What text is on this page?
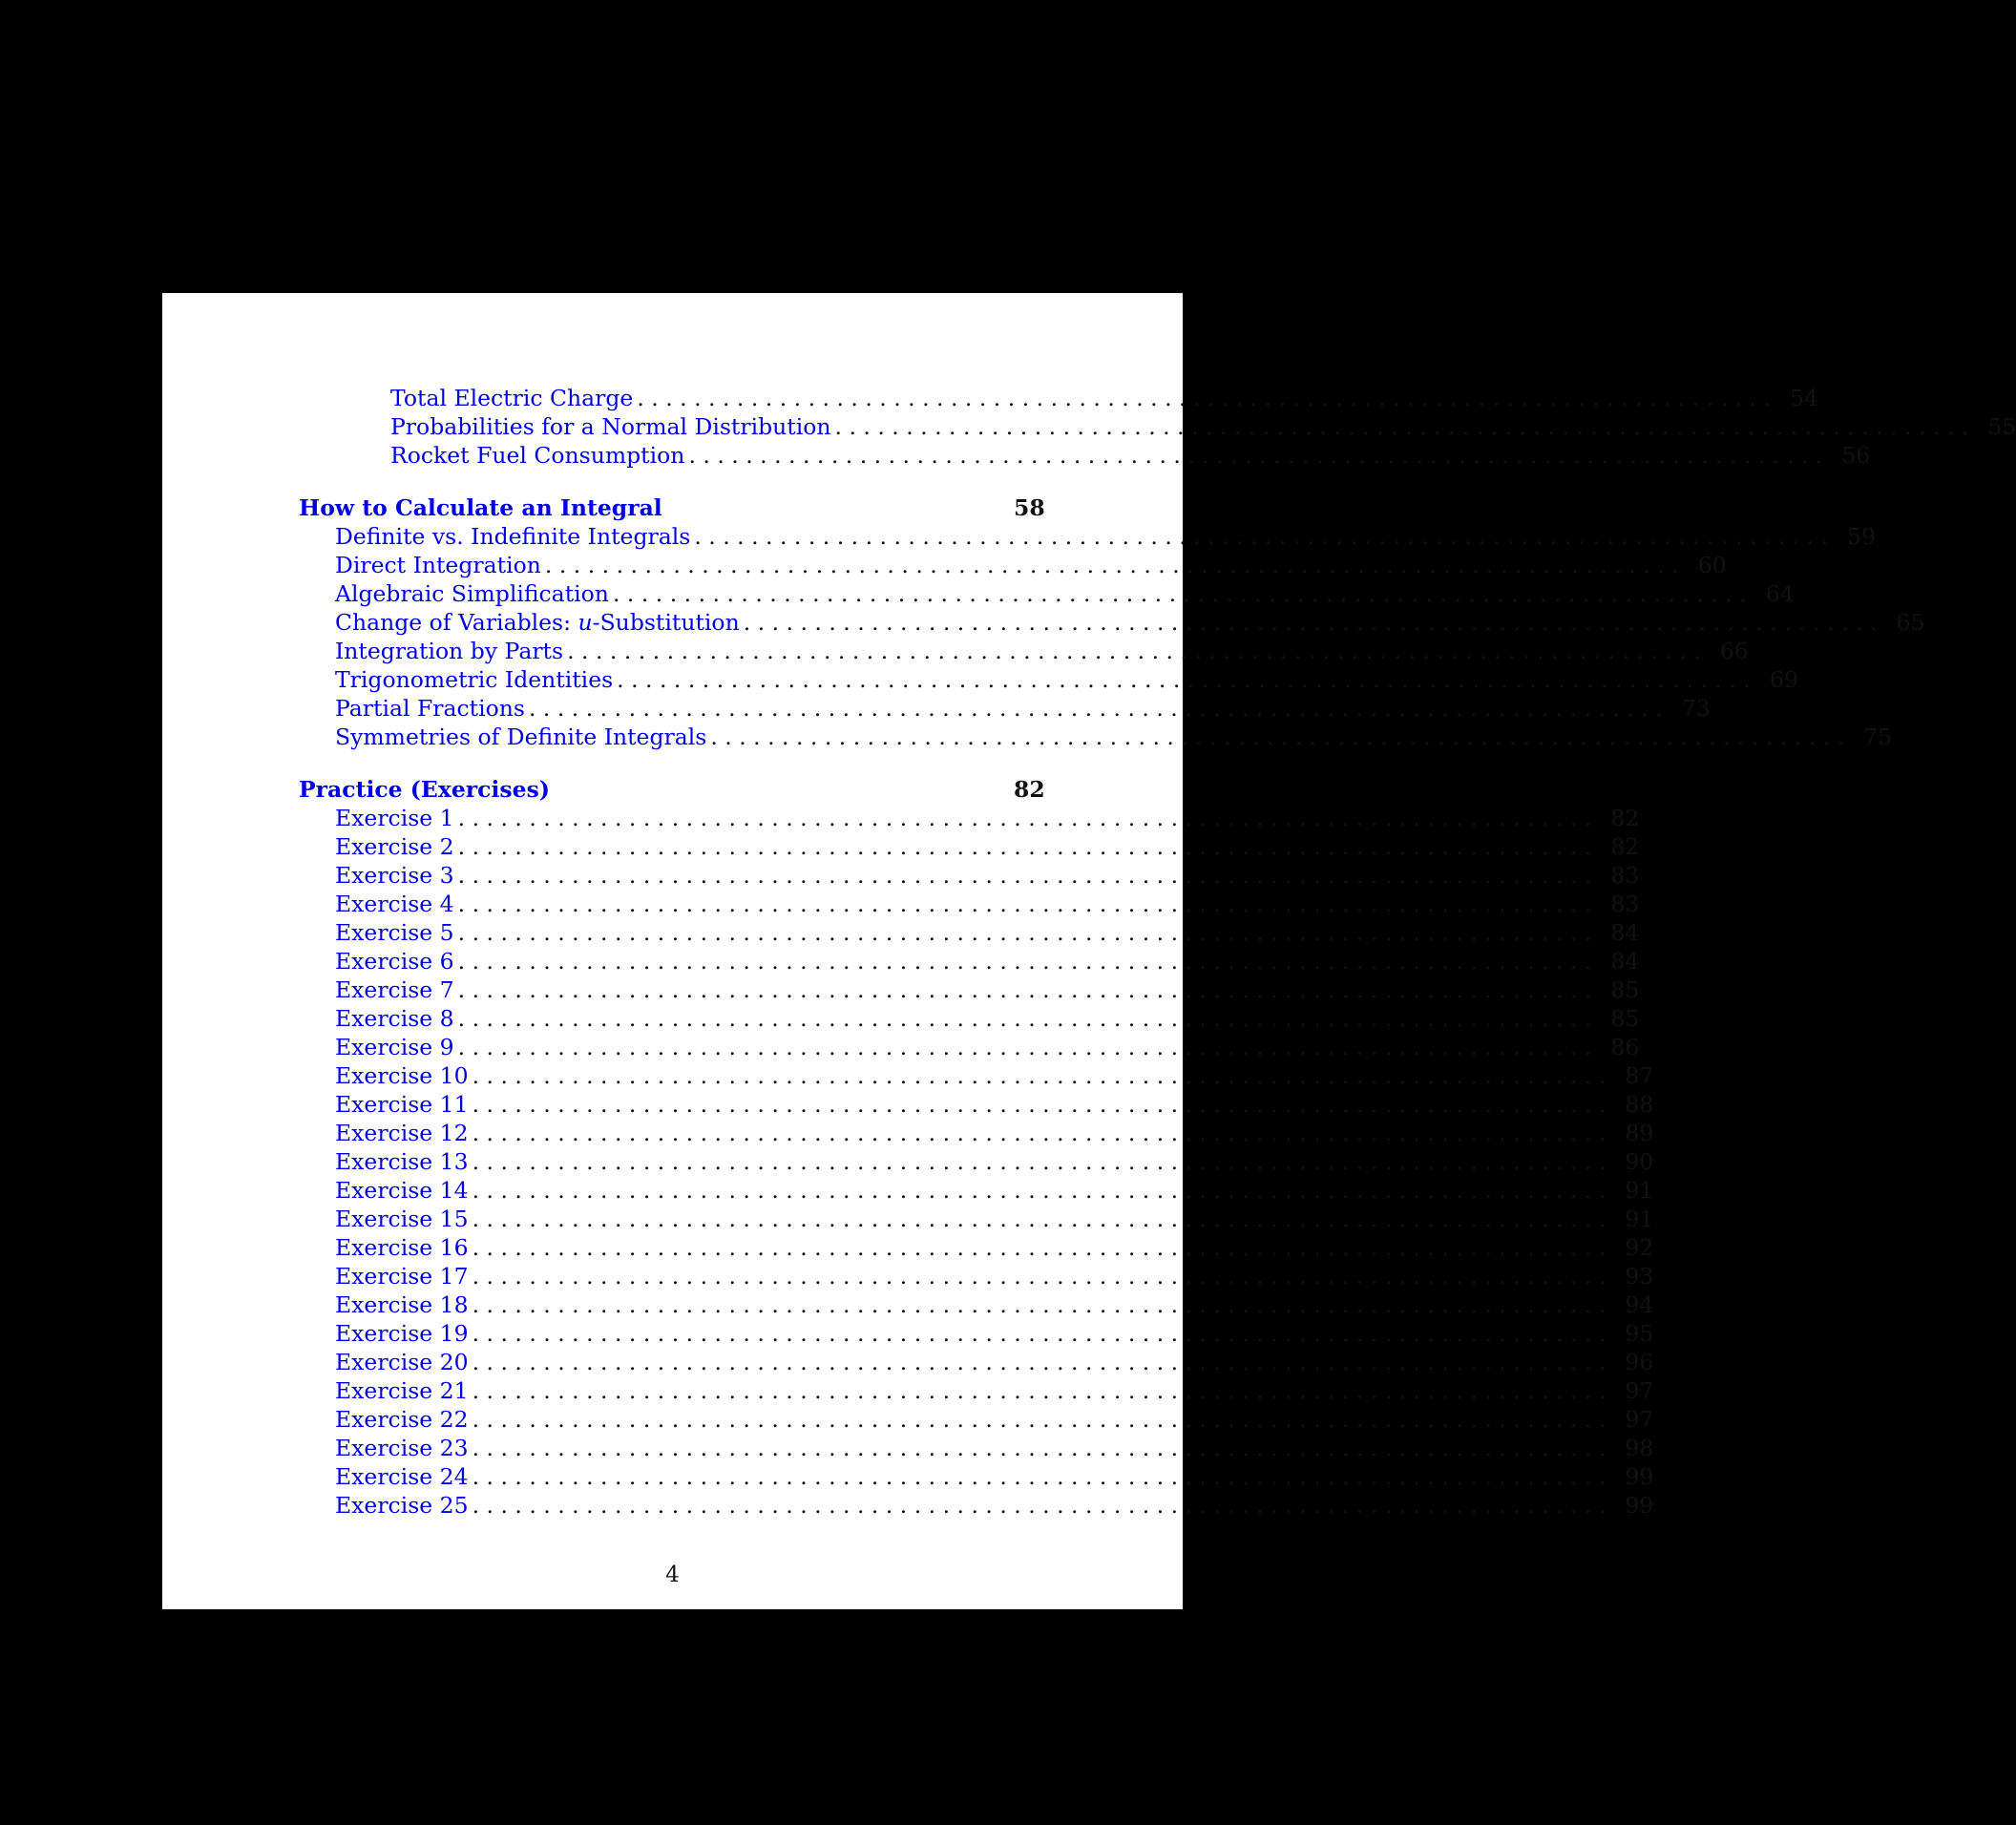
Total Electric Charge . . . . . . . . . . . . . . . . . . . . . . . . . . . . . . . . . . . . . . . . . . . . . . . . . . . . . . . . . . . . . . . . . . . . . . . . . . . . . . . . 54
Probabilities for a Normal Distribution . . . . . . . . . . . . . . . . . . . . . . . . . . . . . . . . . . . . . . . . . . . . . . . . . . . . . . . . . . . . . . . . . . . . . . . . . . . . . . . . 55
Rocket Fuel Consumption . . . . . . . . . . . . . . . . . . . . . . . . . . . . . . . . . . . . . . . . . . . . . . . . . . . . . . . . . . . . . . . . . . . . . . . . . . . . . . . . 56
How to Calculate an Integral	58
Definite vs. Indefinite Integrals . . . . . . . . . . . . . . . . . . . . . . . . . . . . . . . . . . . . . . . . . . . . . . . . . . . . . . . . . . . . . . . . . . . . . . . . . . . . . . . . 59
Direct Integration . . . . . . . . . . . . . . . . . . . . . . . . . . . . . . . . . . . . . . . . . . . . . . . . . . . . . . . . . . . . . . . . . . . . . . . . . . . . . . . . 60
Algebraic Simplification . . . . . . . . . . . . . . . . . . . . . . . . . . . . . . . . . . . . . . . . . . . . . . . . . . . . . . . . . . . . . . . . . . . . . . . . . . . . . . . . 64
Change of Variables: u-Substitution . . . . . . . . . . . . . . . . . . . . . . . . . . . . . . . . . . . . . . . . . . . . . . . . . . . . . . . . . . . . . . . . . . . . . . . . . . . . . . . . 65
Integration by Parts . . . . . . . . . . . . . . . . . . . . . . . . . . . . . . . . . . . . . . . . . . . . . . . . . . . . . . . . . . . . . . . . . . . . . . . . . . . . . . . . 66
Trigonometric Identities . . . . . . . . . . . . . . . . . . . . . . . . . . . . . . . . . . . . . . . . . . . . . . . . . . . . . . . . . . . . . . . . . . . . . . . . . . . . . . . . 69
Partial Fractions . . . . . . . . . . . . . . . . . . . . . . . . . . . . . . . . . . . . . . . . . . . . . . . . . . . . . . . . . . . . . . . . . . . . . . . . . . . . . . . . 73
Symmetries of Definite Integrals . . . . . . . . . . . . . . . . . . . . . . . . . . . . . . . . . . . . . . . . . . . . . . . . . . . . . . . . . . . . . . . . . . . . . . . . . . . . . . . . 75
Practice (Exercises)	82
Exercise 1 . . . . . . . . . . . . . . . . . . . . . . . . . . . . . . . . . . . . . . . . . . . . . . . . . . . . . . . . . . . . . . . . . . . . . . . . . . . . . . . . 82
Exercise 2 . . . . . . . . . . . . . . . . . . . . . . . . . . . . . . . . . . . . . . . . . . . . . . . . . . . . . . . . . . . . . . . . . . . . . . . . . . . . . . . . 82
Exercise 3 . . . . . . . . . . . . . . . . . . . . . . . . . . . . . . . . . . . . . . . . . . . . . . . . . . . . . . . . . . . . . . . . . . . . . . . . . . . . . . . . 83
Exercise 4 . . . . . . . . . . . . . . . . . . . . . . . . . . . . . . . . . . . . . . . . . . . . . . . . . . . . . . . . . . . . . . . . . . . . . . . . . . . . . . . . 83
Exercise 5 . . . . . . . . . . . . . . . . . . . . . . . . . . . . . . . . . . . . . . . . . . . . . . . . . . . . . . . . . . . . . . . . . . . . . . . . . . . . . . . . 84
Exercise 6 . . . . . . . . . . . . . . . . . . . . . . . . . . . . . . . . . . . . . . . . . . . . . . . . . . . . . . . . . . . . . . . . . . . . . . . . . . . . . . . . 84
Exercise 7 . . . . . . . . . . . . . . . . . . . . . . . . . . . . . . . . . . . . . . . . . . . . . . . . . . . . . . . . . . . . . . . . . . . . . . . . . . . . . . . . 85
Exercise 8 . . . . . . . . . . . . . . . . . . . . . . . . . . . . . . . . . . . . . . . . . . . . . . . . . . . . . . . . . . . . . . . . . . . . . . . . . . . . . . . . 85
Exercise 9 . . . . . . . . . . . . . . . . . . . . . . . . . . . . . . . . . . . . . . . . . . . . . . . . . . . . . . . . . . . . . . . . . . . . . . . . . . . . . . . . 86
Exercise 10 . . . . . . . . . . . . . . . . . . . . . . . . . . . . . . . . . . . . . . . . . . . . . . . . . . . . . . . . . . . . . . . . . . . . . . . . . . . . . . . . 87
Exercise 11 . . . . . . . . . . . . . . . . . . . . . . . . . . . . . . . . . . . . . . . . . . . . . . . . . . . . . . . . . . . . . . . . . . . . . . . . . . . . . . . . 88
Exercise 12 . . . . . . . . . . . . . . . . . . . . . . . . . . . . . . . . . . . . . . . . . . . . . . . . . . . . . . . . . . . . . . . . . . . . . . . . . . . . . . . . 89
Exercise 13 . . . . . . . . . . . . . . . . . . . . . . . . . . . . . . . . . . . . . . . . . . . . . . . . . . . . . . . . . . . . . . . . . . . . . . . . . . . . . . . . 90
Exercise 14 . . . . . . . . . . . . . . . . . . . . . . . . . . . . . . . . . . . . . . . . . . . . . . . . . . . . . . . . . . . . . . . . . . . . . . . . . . . . . . . . 91
Exercise 15 . . . . . . . . . . . . . . . . . . . . . . . . . . . . . . . . . . . . . . . . . . . . . . . . . . . . . . . . . . . . . . . . . . . . . . . . . . . . . . . . 91
Exercise 16 . . . . . . . . . . . . . . . . . . . . . . . . . . . . . . . . . . . . . . . . . . . . . . . . . . . . . . . . . . . . . . . . . . . . . . . . . . . . . . . . 92
Exercise 17 . . . . . . . . . . . . . . . . . . . . . . . . . . . . . . . . . . . . . . . . . . . . . . . . . . . . . . . . . . . . . . . . . . . . . . . . . . . . . . . . 93
Exercise 18 . . . . . . . . . . . . . . . . . . . . . . . . . . . . . . . . . . . . . . . . . . . . . . . . . . . . . . . . . . . . . . . . . . . . . . . . . . . . . . . . 94
Exercise 19 . . . . . . . . . . . . . . . . . . . . . . . . . . . . . . . . . . . . . . . . . . . . . . . . . . . . . . . . . . . . . . . . . . . . . . . . . . . . . . . . 95
Exercise 20 . . . . . . . . . . . . . . . . . . . . . . . . . . . . . . . . . . . . . . . . . . . . . . . . . . . . . . . . . . . . . . . . . . . . . . . . . . . . . . . . 96
Exercise 21 . . . . . . . . . . . . . . . . . . . . . . . . . . . . . . . . . . . . . . . . . . . . . . . . . . . . . . . . . . . . . . . . . . . . . . . . . . . . . . . . 97
Exercise 22 . . . . . . . . . . . . . . . . . . . . . . . . . . . . . . . . . . . . . . . . . . . . . . . . . . . . . . . . . . . . . . . . . . . . . . . . . . . . . . . . 97
Exercise 23 . . . . . . . . . . . . . . . . . . . . . . . . . . . . . . . . . . . . . . . . . . . . . . . . . . . . . . . . . . . . . . . . . . . . . . . . . . . . . . . . 98
Exercise 24 . . . . . . . . . . . . . . . . . . . . . . . . . . . . . . . . . . . . . . . . . . . . . . . . . . . . . . . . . . . . . . . . . . . . . . . . . . . . . . . . 99
Exercise 25 . . . . . . . . . . . . . . . . . . . . . . . . . . . . . . . . . . . . . . . . . . . . . . . . . . . . . . . . . . . . . . . . . . . . . . . . . . . . . . . . 99
4
